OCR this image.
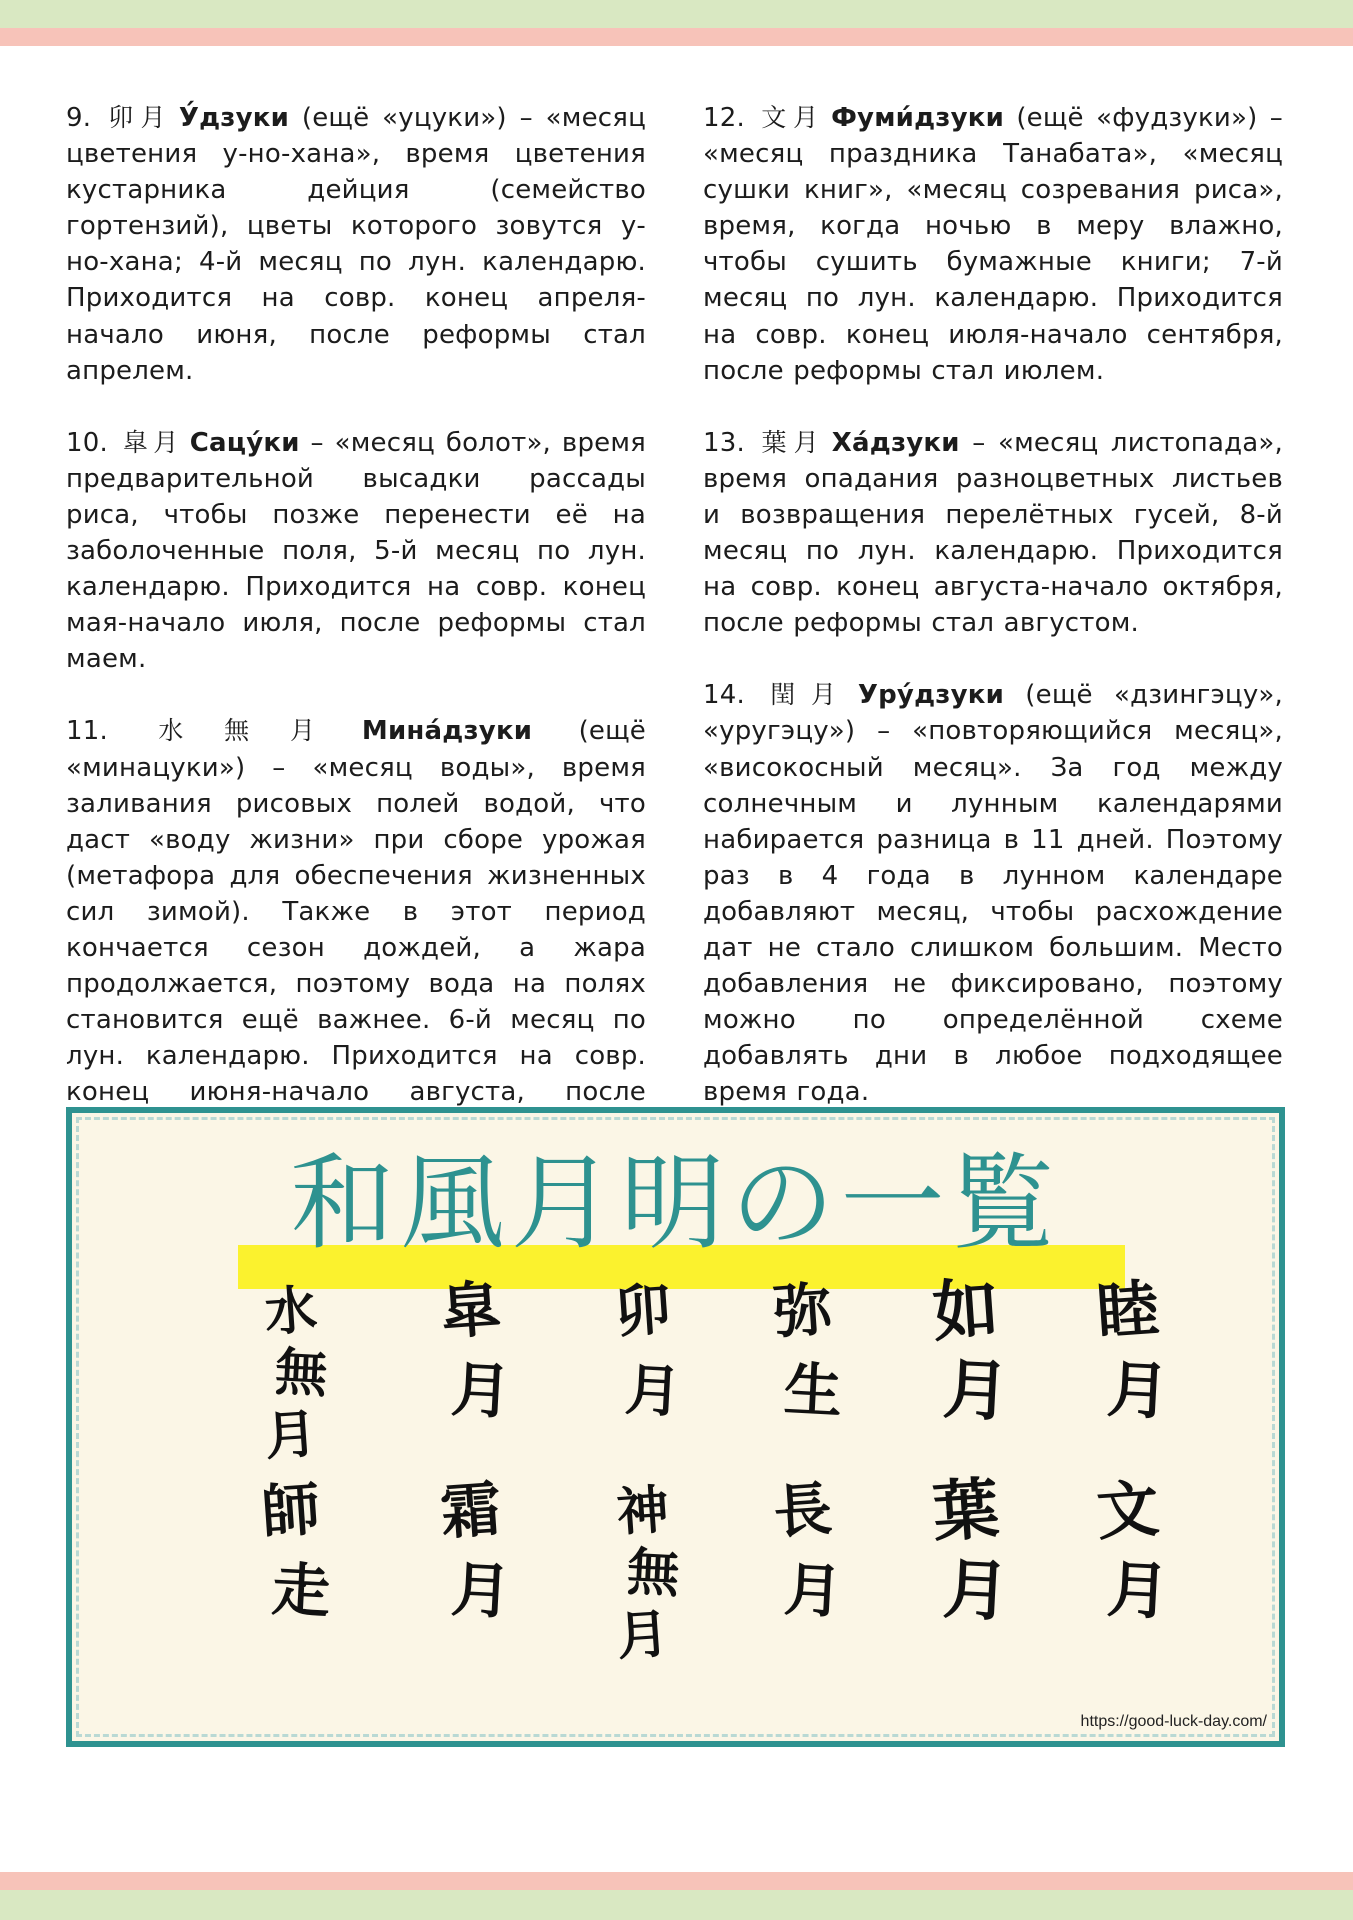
9. 卯月 У́дзуки (ещё «уцуки») – «месяц цветения у-но-хана», время цветения кустарника дейция (семейство гортензий), цветы которого зовутся у-но-хана; 4-й месяц по лун. календарю. Приходится на совр. конец апреля-начало июня, после реформы стал апрелем.

10. 皐月 Сацу́ки – «месяц болот», время предварительной высадки рассады риса, чтобы позже перенести её на заболоченные поля, 5-й месяц по лун. календарю. Приходится на совр. конец мая-начало июля, после реформы стал маем.

11. 水無月 Мина́дзуки (ещё «минацуки») – «месяц воды», время заливания рисовых полей водой, что даст «воду жизни» при сборе урожая (метафора для обеспечения жизненных сил зимой). Также в этот период кончается сезон дождей, а жара продолжается, поэтому вода на полях становится ещё важнее. 6-й месяц по лун. календарю. Приходится на совр. конец июня-начало августа, после

12. 文月 Фуми́дзуки (ещё «фудзуки») – «месяц праздника Танабата», «месяц сушки книг», «месяц созревания риса», время, когда ночью в меру влажно, чтобы сушить бумажные книги; 7-й месяц по лун. календарю. Приходится на совр. конец июля-начало сентября, после реформы стал июлем.

13. 葉月 Ха́дзуки – «месяц листопада», время опадания разноцветных листьев и возвращения перелётных гусей, 8-й месяц по лун. календарю. Приходится на совр. конец августа-начало октября, после реформы стал августом.

14. 閏月 Уру́дзуки (ещё «дзингэцу», «уругэцу») – «повторяющийся месяц», «високосный месяц». За год между солнечным и лунным календарями набирается разница в 11 дней. Поэтому раз в 4 года в лунном календаре добавляют месяц, чтобы расхождение дат не стало слишком большим. Место добавления не фиксировано, поэтому можно по определённой схеме добавлять дни в любое подходящее время года.

和風月明の一覧
睦
月
文
月
如
月
葉
月
弥
生
長
月
卯
月
神
無
月
皐
月
霜
月
水
無
月
師
走
https://good-luck-day.com/
